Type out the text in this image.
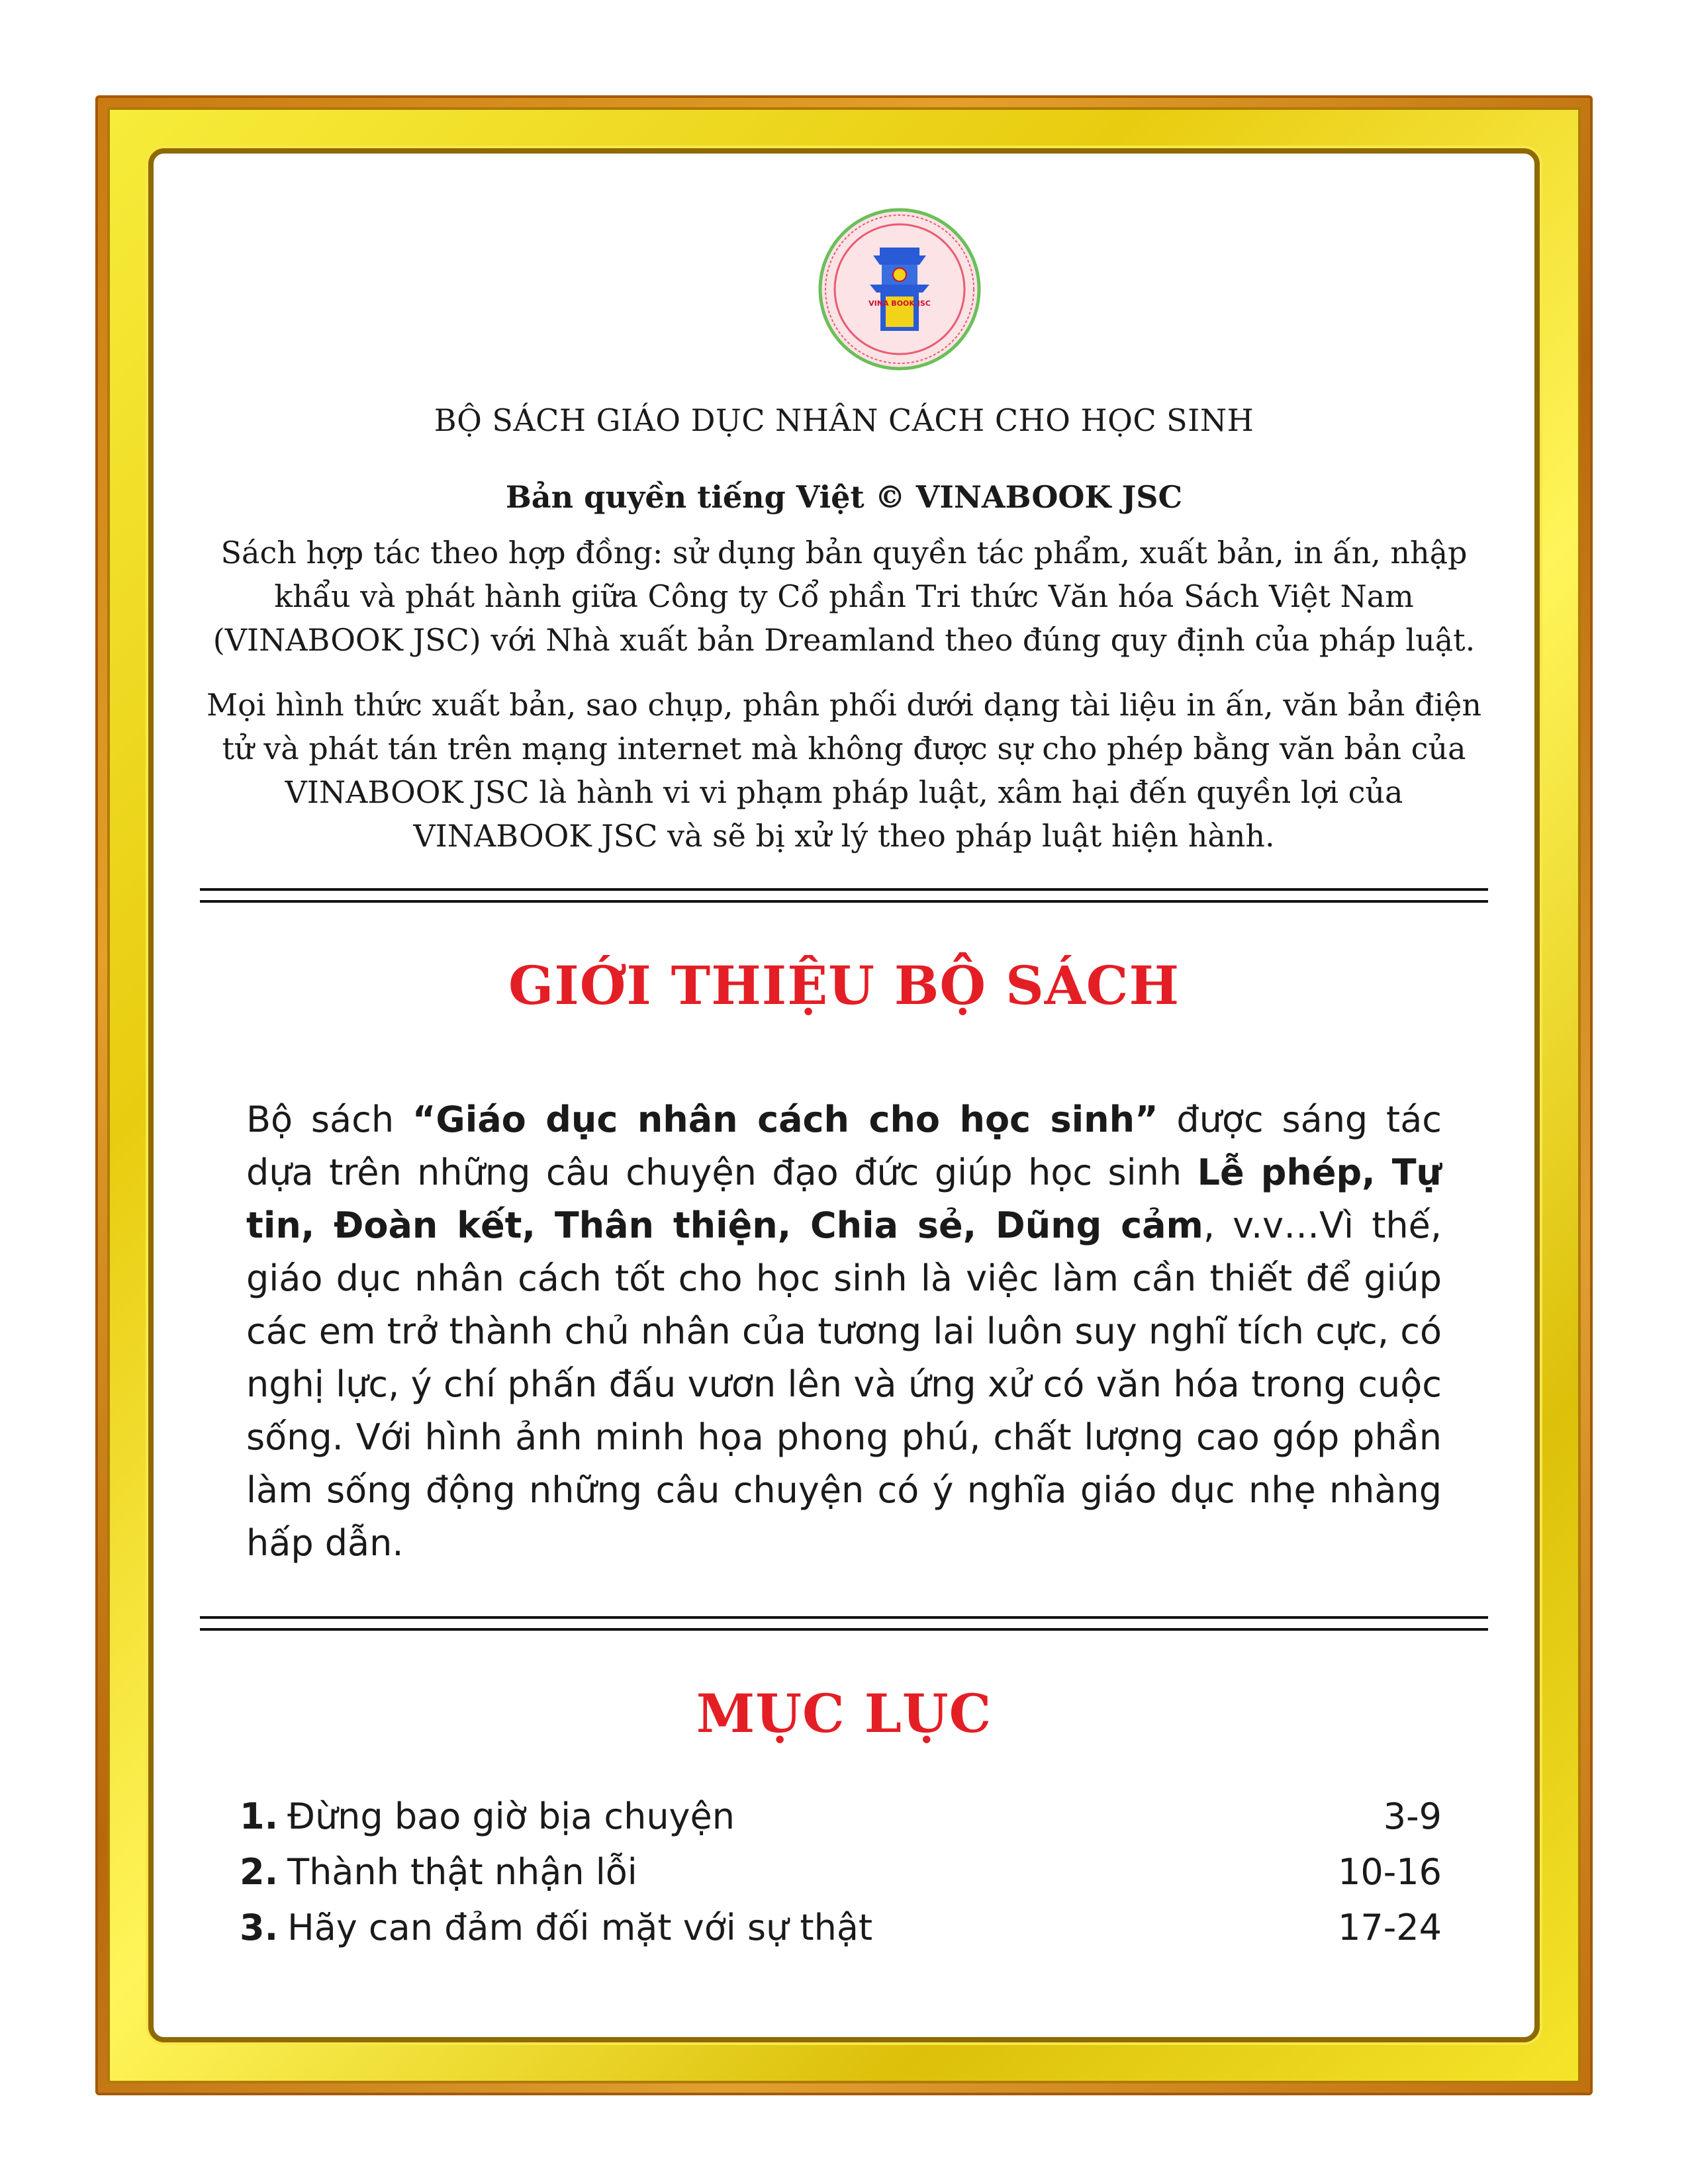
VINA BOOK JSC
BỘ SÁCH GIÁO DỤC NHÂN CÁCH CHO HỌC SINH
Bản quyền tiếng Việt © VINABOOK JSC
Sách hợp tác theo hợp đồng: sử dụng bản quyền tác phẩm, xuất bản, in ấn, nhập khẩu và phát hành giữa Công ty Cổ phần Tri thức Văn hóa Sách Việt Nam (VINABOOK JSC) với Nhà xuất bản Dreamland theo đúng quy định của pháp luật.
Mọi hình thức xuất bản, sao chụp, phân phối dưới dạng tài liệu in ấn, văn bản điện tử và phát tán trên mạng internet mà không được sự cho phép bằng văn bản của VINABOOK JSC là hành vi vi phạm pháp luật, xâm hại đến quyền lợi của VINABOOK JSC và sẽ bị xử lý theo pháp luật hiện hành.
GIỚI THIỆU BỘ SÁCH
Bộ sách “Giáo dục nhân cách cho học sinh” được sáng tác dựa trên những câu chuyện đạo đức giúp học sinh Lễ phép, Tự tin, Đoàn kết, Thân thiện, Chia sẻ, Dũng cảm, v.v…Vì thế, giáo dục nhân cách tốt cho học sinh là việc làm cần thiết để giúp các em trở thành chủ nhân của tương lai luôn suy nghĩ tích cực, có nghị lực, ý chí phấn đấu vươn lên và ứng xử có văn hóa trong cuộc sống. Với hình ảnh minh họa phong phú, chất lượng cao góp phần làm sống động những câu chuyện có ý nghĩa giáo dục nhẹ nhàng hấp dẫn.
MỤC LỤC
1. Đừng bao giờ bịa chuyện	3-9
2. Thành thật nhận lỗi	10-16
3. Hãy can đảm đối mặt với sự thật	17-24
